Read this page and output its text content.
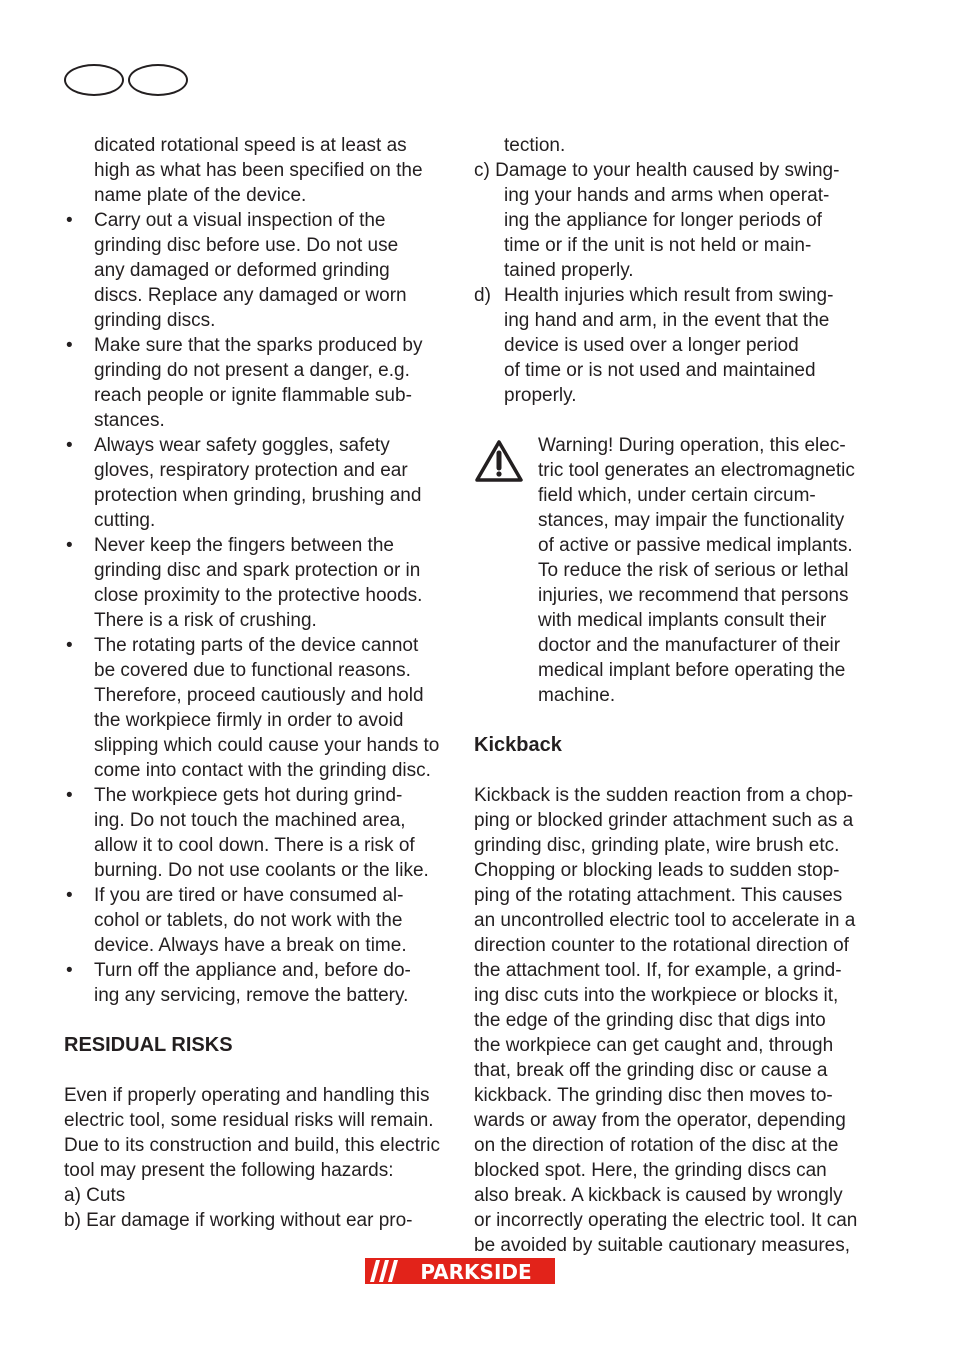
dicated rotational speed is at least as

high as what has been specified on the

name plate of the device.

• Carry out a visual inspection of the

grinding disc before use. Do not use

any damaged or deformed grinding

discs. Replace any damaged or worn

grinding discs.

• Make sure that the sparks produced by

grinding do not present a danger, e.g.

reach people or ignite flammable sub-

stances.

• Always wear safety goggles, safety

gloves, respiratory protection and ear

protection when grinding, brushing and

cutting.

• Never keep the fingers between the

grinding disc and spark protection or in

close proximity to the protective hoods.

There is a risk of crushing.

• The rotating parts of the device cannot

be covered due to functional reasons.

Therefore, proceed cautiously and hold

the workpiece firmly in order to avoid

slipping which could cause your hands to

come into contact with the grinding disc.

• The workpiece gets hot during grind-

ing. Do not touch the machined area,

allow it to cool down. There is a risk of

burning. Do not use coolants or the like.

• If you are tired or have consumed al-

cohol or tablets, do not work with the

device. Always have a break on time.

• Turn off the appliance and, before do-

ing any servicing, remove the battery.

RESIDUAL RISKS

Even if properly operating and handling this

electric tool, some residual risks will remain.

Due to its construction and build, this electric

tool may present the following hazards:

a) Cuts

b) Ear damage if working without ear pro-

tection.

c) Damage to your health caused by swing-

ing your hands and arms when operat-

ing the appliance for longer periods of

time or if the unit is not held or main-

tained properly.

d) Health injuries which result from swing-

ing hand and arm, in the event that the

device is used over a longer period

of time or is not used and maintained

properly.

Warning! During operation, this elec-

tric tool generates an electromagnetic

field which, under certain circum-

stances, may impair the functionality

of active or passive medical implants.

To reduce the risk of serious or lethal

injuries, we recommend that persons

with medical implants consult their

doctor and the manufacturer of their

medical implant before operating the

machine.

Kickback

Kickback is the sudden reaction from a chop-

ping or blocked grinder attachment such as a

grinding disc, grinding plate, wire brush etc.

Chopping or blocking leads to sudden stop-

ping of the rotating attachment. This causes

an uncontrolled electric tool to accelerate in a

direction counter to the rotational direction of

the attachment tool. If, for example, a grind-

ing disc cuts into the workpiece or blocks it,

the edge of the grinding disc that digs into

the workpiece can get caught and, through

that, break off the grinding disc or cause a

kickback. The grinding disc then moves to-

wards or away from the operator, depending

on the direction of rotation of the disc at the

blocked spot. Here, the grinding discs can

also break. A kickback is caused by wrongly

or incorrectly operating the electric tool. It can

be avoided by suitable cautionary measures,

PARKSIDE
